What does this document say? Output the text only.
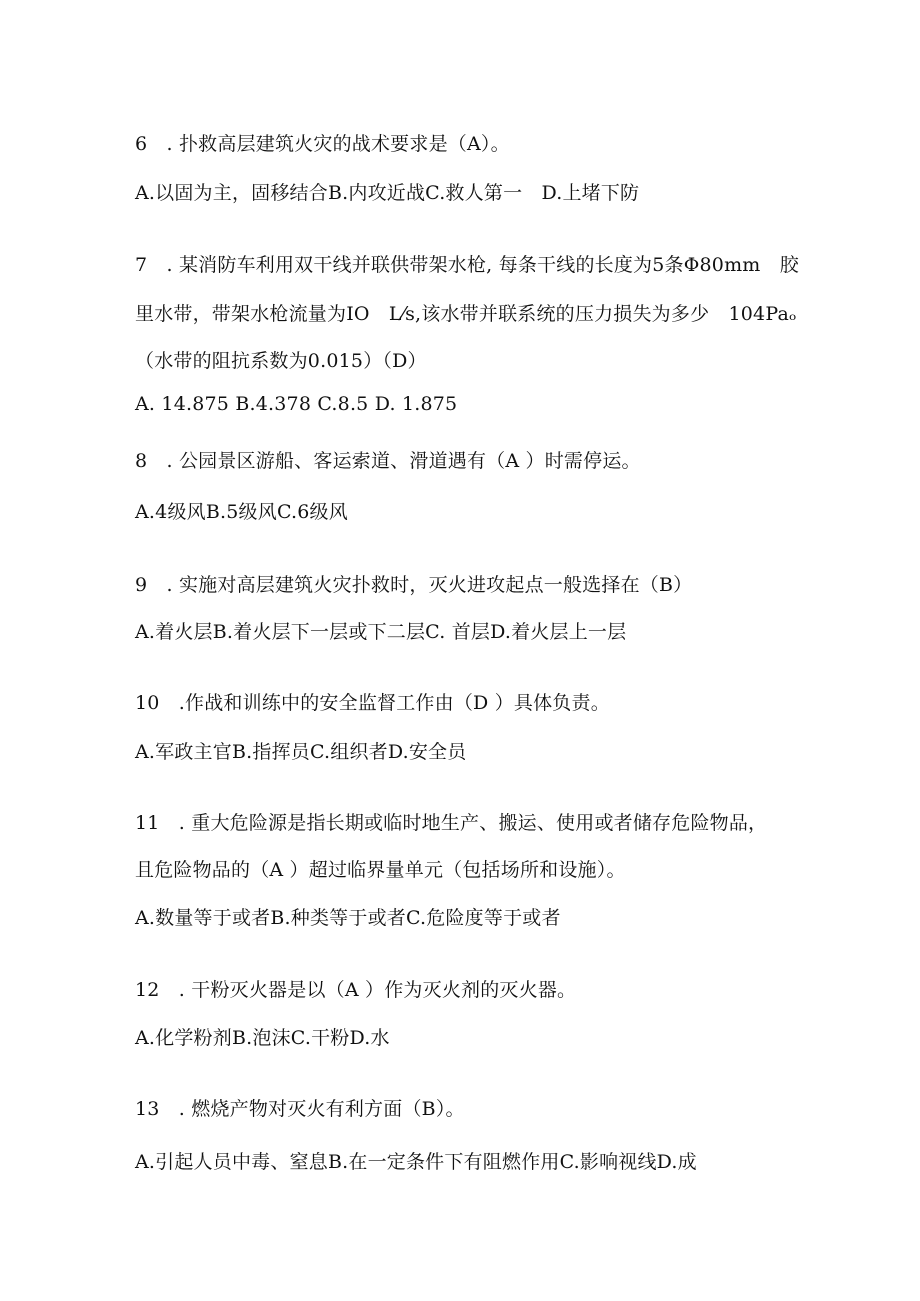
6　. 扑救高层建筑火灾的战术要求是（A）。
A.以固为主，固移结合B.内攻近战C.救人第一　D.上堵下防
7　. 某消防车利用双干线并联供带架水枪, 每条干线的长度为5条Φ80mm　胶
里水带，带架水枪流量为IO　L⁄s,该水带并联系统的压力损失为多少　104Paₒ
（水带的阻抗系数为0.015）（D）
A. 14.875 B.4.378 C.8.5 D. 1.875
8　. 公园景区游船、客运索道、滑道遇有（A ）时需停运。
A.4级风B.5级风C.6级风
9　. 实施对高层建筑火灾扑救时，灭火进攻起点一般选择在（B）
A.着火层B.着火层下一层或下二层C. 首层D.着火层上一层
10　.作战和训练中的安全监督工作由（D ）具体负责。
A.军政主官B.指挥员C.组织者D.安全员
11　. 重大危险源是指长期或临时地生产、搬运、使用或者储存危险物品，
且危险物品的（A ）超过临界量单元（包括场所和设施）。
A.数量等于或者B.种类等于或者C.危险度等于或者
12　. 干粉灭火器是以（A ）作为灭火剂的灭火器。
A.化学粉剂B.泡沫C.干粉D.水
13　. 燃烧产物对灭火有利方面（B）。
A.引起人员中毒、窒息B.在一定条件下有阻燃作用C.影响视线D.成
